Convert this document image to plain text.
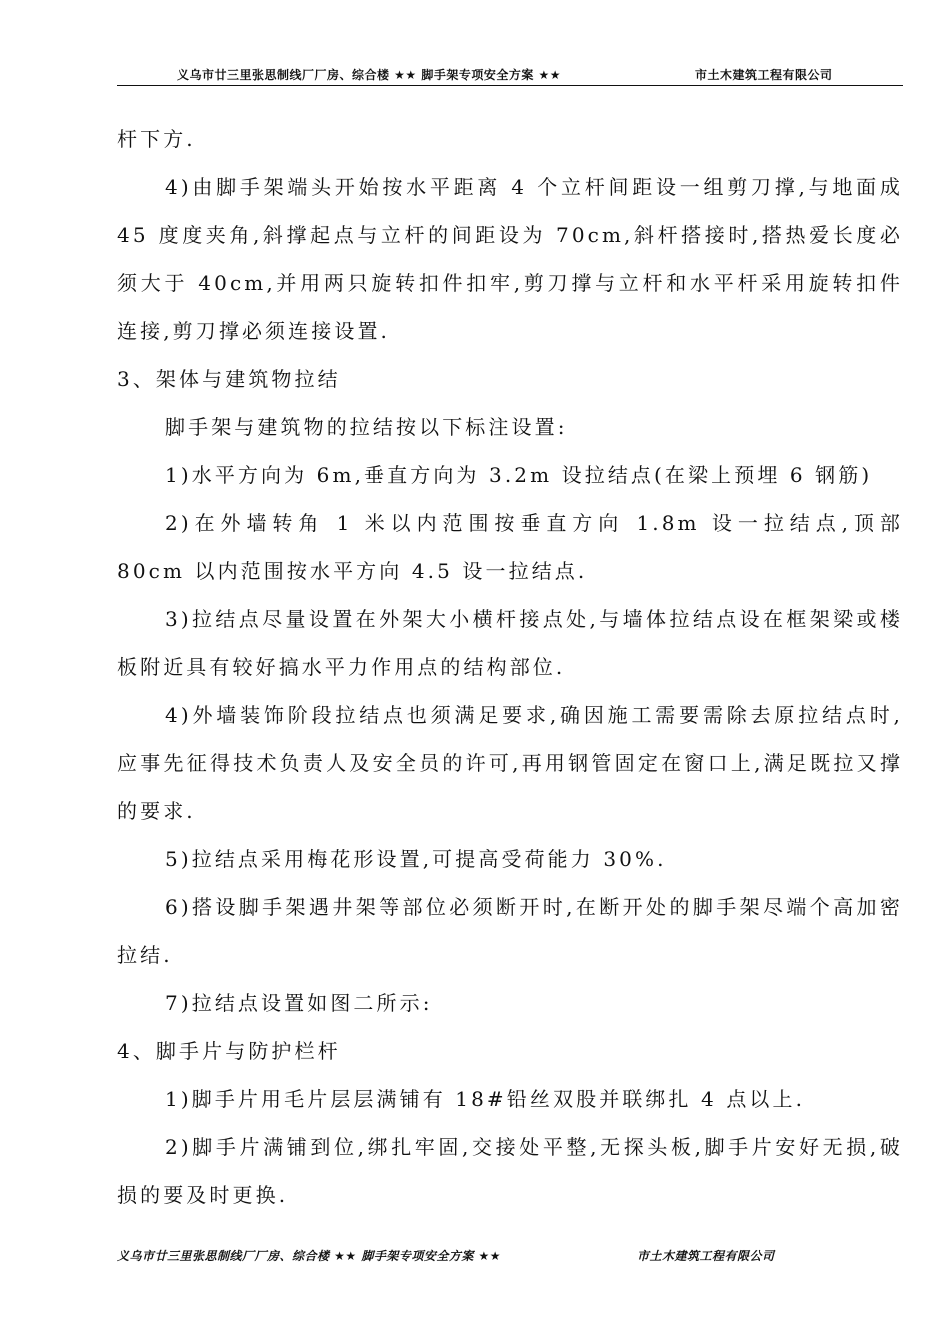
义乌市廿三里张思制线厂厂房、综合楼 ★★ 脚手架专项安全方案 ★★	市土木建筑工程有限公司

杆下方.

4)由脚手架端头开始按水平距离 4 个立杆间距设一组剪刀撑,与地面成 45 度度夹角,斜撑起点与立杆的间距设为 70cm,斜杆搭接时,搭热爱长度必须大于 40cm,并用两只旋转扣件扣牢,剪刀撑与立杆和水平杆采用旋转扣件连接,剪刀撑必须连接设置.

3、架体与建筑物拉结

脚手架与建筑物的拉结按以下标注设置:

1)水平方向为 6m,垂直方向为 3.2m 设拉结点(在梁上预埋 6 钢筋)

2)在外墙转角 1 米以内范围按垂直方向 1.8m 设一拉结点,顶部 80cm 以内范围按水平方向 4.5 设一拉结点.

3)拉结点尽量设置在外架大小横杆接点处,与墙体拉结点设在框架梁或楼板附近具有较好搞水平力作用点的结构部位.

4)外墙装饰阶段拉结点也须满足要求,确因施工需要需除去原拉结点时,应事先征得技术负责人及安全员的许可,再用钢管固定在窗口上,满足既拉又撑的要求.

5)拉结点采用梅花形设置,可提高受荷能力 30%.

6)搭设脚手架遇井架等部位必须断开时,在断开处的脚手架尽端个高加密拉结.

7)拉结点设置如图二所示:

4、脚手片与防护栏杆

1)脚手片用毛片层层满铺有 18#铅丝双股并联绑扎 4 点以上.

2)脚手片满铺到位,绑扎牢固,交接处平整,无探头板,脚手片安好无损,破损的要及时更换.

义乌市廿三里张思制线厂厂房、综合楼 ★★ 脚手架专项安全方案 ★★	市土木建筑工程有限公司
